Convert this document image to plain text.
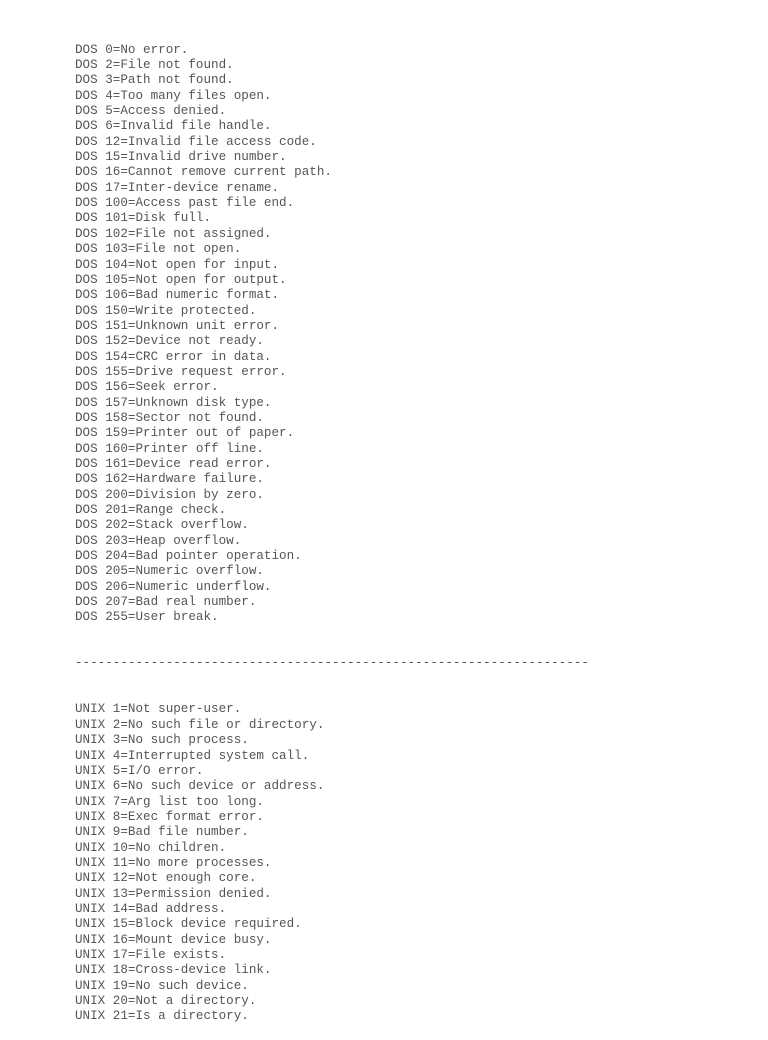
DOS 0=No error.
DOS 2=File not found.
DOS 3=Path not found.
DOS 4=Too many files open.
DOS 5=Access denied.
DOS 6=Invalid file handle.
DOS 12=Invalid file access code.
DOS 15=Invalid drive number.
DOS 16=Cannot remove current path.
DOS 17=Inter-device rename.
DOS 100=Access past file end.
DOS 101=Disk full.
DOS 102=File not assigned.
DOS 103=File not open.
DOS 104=Not open for input.
DOS 105=Not open for output.
DOS 106=Bad numeric format.
DOS 150=Write protected.
DOS 151=Unknown unit error.
DOS 152=Device not ready.
DOS 154=CRC error in data.
DOS 155=Drive request error.
DOS 156=Seek error.
DOS 157=Unknown disk type.
DOS 158=Sector not found.
DOS 159=Printer out of paper.
DOS 160=Printer off line.
DOS 161=Device read error.
DOS 162=Hardware failure.
DOS 200=Division by zero.
DOS 201=Range check.
DOS 202=Stack overflow.
DOS 203=Heap overflow.
DOS 204=Bad pointer operation.
DOS 205=Numeric overflow.
DOS 206=Numeric underflow.
DOS 207=Bad real number.
DOS 255=User break.

--------------------------------------------------------------------

UNIX 1=Not super-user.
UNIX 2=No such file or directory.
UNIX 3=No such process.
UNIX 4=Interrupted system call.
UNIX 5=I/O error.
UNIX 6=No such device or address.
UNIX 7=Arg list too long.
UNIX 8=Exec format error.
UNIX 9=Bad file number.
UNIX 10=No children.
UNIX 11=No more processes.
UNIX 12=Not enough core.
UNIX 13=Permission denied.
UNIX 14=Bad address.
UNIX 15=Block device required.
UNIX 16=Mount device busy.
UNIX 17=File exists.
UNIX 18=Cross-device link.
UNIX 19=No such device.
UNIX 20=Not a directory.
UNIX 21=Is a directory.
